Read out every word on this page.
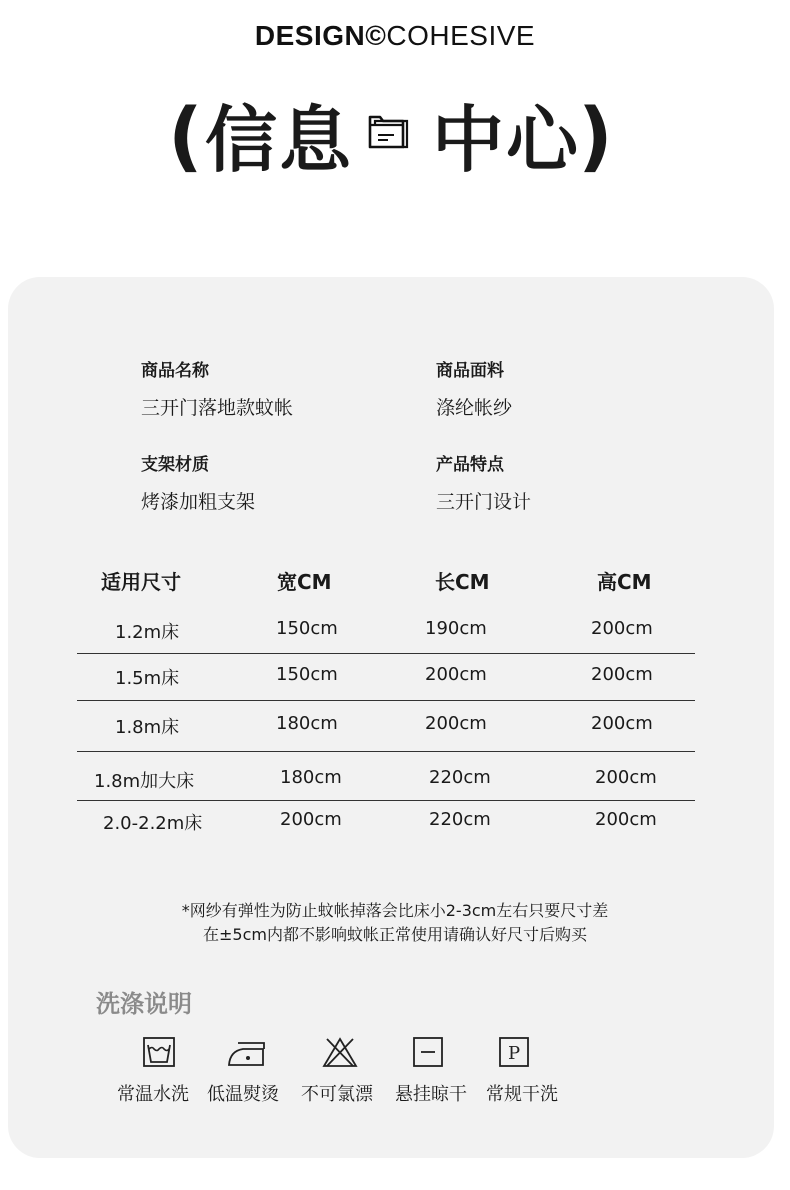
DESIGN©COHESIVE
( 信息 中心
)
商品名称
三开门落地款蚊帐
商品面料
涤纶帐纱
支架材质
烤漆加粗支架
产品特点
三开门设计
适用尺寸	宽CM	长CM	高CM
1.2m床	150cm	190cm	200cm
1.5m床	150cm	200cm	200cm
1.8m床	180cm	200cm	200cm
1.8m加大床	180cm	220cm	200cm
2.0-2.2m床	200cm	220cm	200cm
*网纱有弹性为防止蚊帐掉落会比床小2-3cm左右只要尺寸差
在±5cm内都不影响蚊帐正常使用请确认好尺寸后购买
洗涤说明
P
常温水洗 低温熨烫 不可氯漂 悬挂晾干 常规干洗
